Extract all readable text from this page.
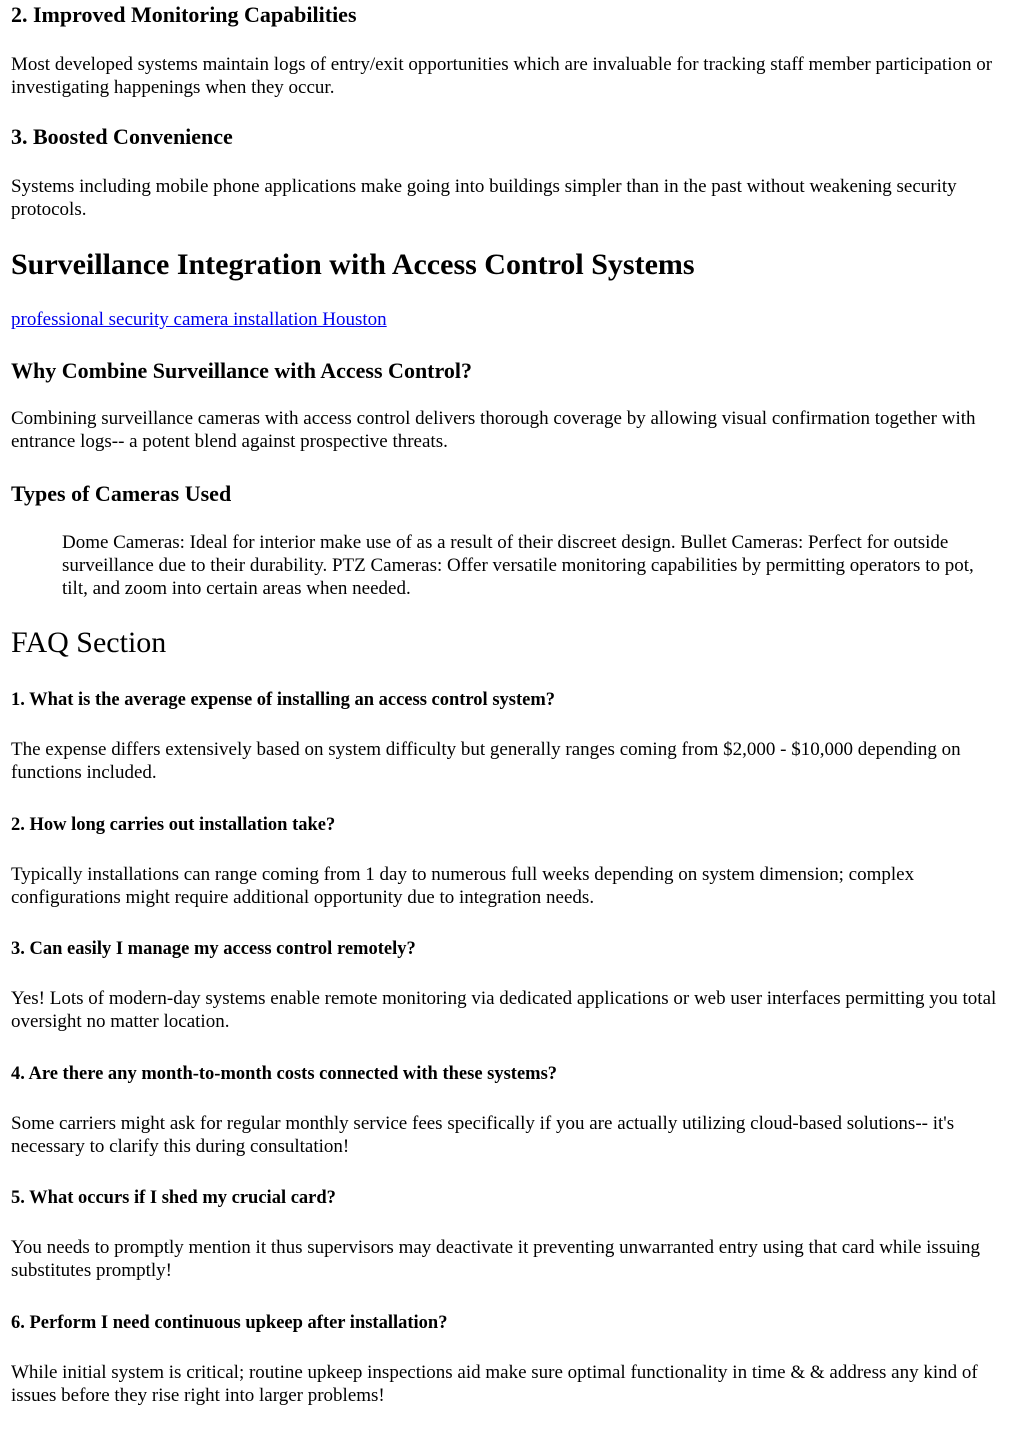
2. Improved Monitoring Capabilities

Most developed systems maintain logs of entry/exit opportunities which are invaluable for tracking staff member participation or investigating happenings when they occur.

3. Boosted Convenience

Systems including mobile phone applications make going into buildings simpler than in the past without weakening security protocols.

Surveillance Integration with Access Control Systems

professional security camera installation Houston

Why Combine Surveillance with Access Control?

Combining surveillance cameras with access control delivers thorough coverage by allowing visual confirmation together with entrance logs-- a potent blend against prospective threats.

Types of Cameras Used

Dome Cameras: Ideal for interior make use of as a result of their discreet design. Bullet Cameras: Perfect for outside surveillance due to their durability. PTZ Cameras: Offer versatile monitoring capabilities by permitting operators to pot, tilt, and zoom into certain areas when needed.

FAQ Section
1. What is the average expense of installing an access control system?

The expense differs extensively based on system difficulty but generally ranges coming from $2,000 - $10,000 depending on functions included.

2. How long carries out installation take?

Typically installations can range coming from 1 day to numerous full weeks depending on system dimension; complex configurations might require additional opportunity due to integration needs.

3. Can easily I manage my access control remotely?

Yes! Lots of modern-day systems enable remote monitoring via dedicated applications or web user interfaces permitting you total oversight no matter location.

4. Are there any month-to-month costs connected with these systems?

Some carriers might ask for regular monthly service fees specifically if you are actually utilizing cloud-based solutions-- it's necessary to clarify this during consultation!

5. What occurs if I shed my crucial card?

You needs to promptly mention it thus supervisors may deactivate it preventing unwarranted entry using that card while issuing substitutes promptly!

6. Perform I need continuous upkeep after installation?

While initial system is critical; routine upkeep inspections aid make sure optimal functionality in time & & address any kind of issues before they rise right into larger problems!
